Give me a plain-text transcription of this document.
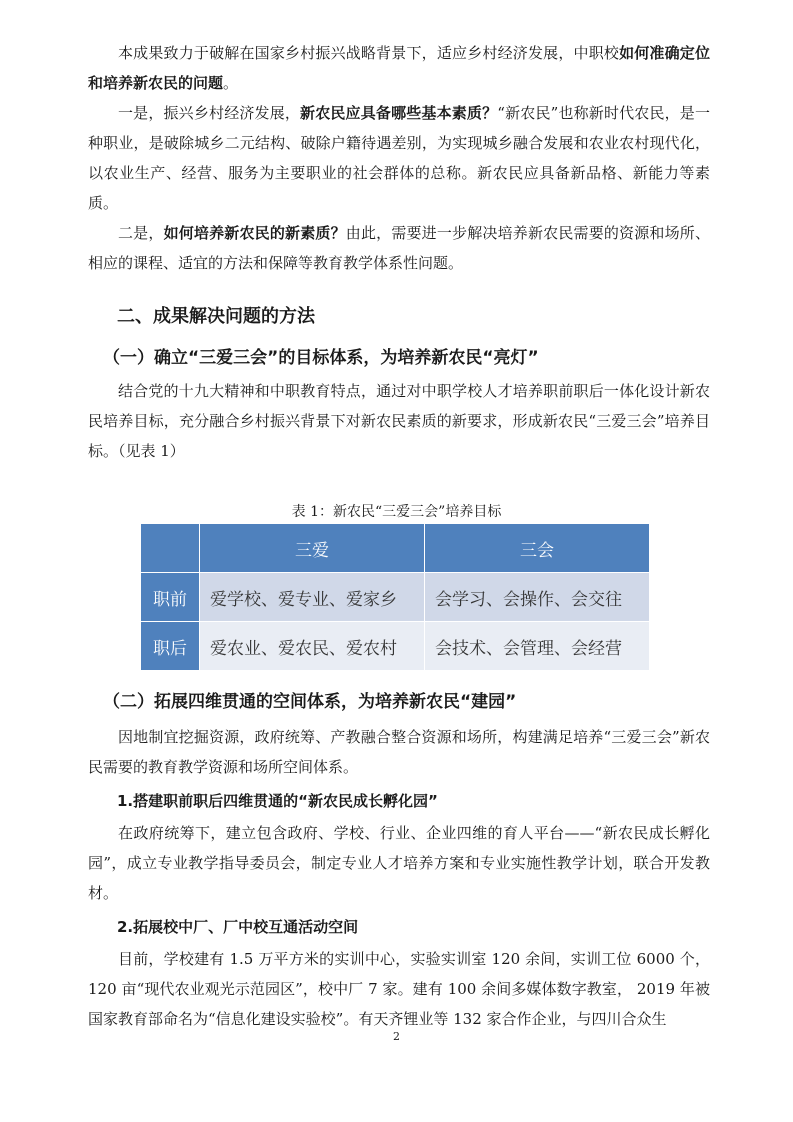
本成果致力于破解在国家乡村振兴战略背景下，适应乡村经济发展，中职校如何准确定位和培养新农民的问题。

一是，振兴乡村经济发展，新农民应具备哪些基本素质？“新农民”也称新时代农民，是一种职业，是破除城乡二元结构、破除户籍待遇差别，为实现城乡融合发展和农业农村现代化，以农业生产、经营、服务为主要职业的社会群体的总称。新农民应具备新品格、新能力等素质。

二是，如何培养新农民的新素质？由此，需要进一步解决培养新农民需要的资源和场所、相应的课程、适宜的方法和保障等教育教学体系性问题。

二、成果解决问题的方法
（一）确立“三爱三会”的目标体系，为培养新农民“亮灯”

结合党的十九大精神和中职教育特点，通过对中职学校人才培养职前职后一体化设计新农民培养目标，充分融合乡村振兴背景下对新农民素质的新要求，形成新农民“三爱三会”培养目标。（见表 1）

表 1：新农民“三爱三会”培养目标

	三爱	三会
职前	爱学校、爱专业、爱家乡	会学习、会操作、会交往
职后	爱农业、爱农民、爱农村	会技术、会管理、会经营
（二）拓展四维贯通的空间体系，为培养新农民“建园”

因地制宜挖掘资源，政府统筹、产教融合整合资源和场所，构建满足培养“三爱三会”新农民需要的教育教学资源和场所空间体系。

1.搭建职前职后四维贯通的“新农民成长孵化园”

在政府统筹下，建立包含政府、学校、行业、企业四维的育人平台——“新农民成长孵化园”，成立专业教学指导委员会，制定专业人才培养方案和专业实施性教学计划，联合开发教材。

2.拓展校中厂、厂中校互通活动空间

目前，学校建有 1.5 万平方米的实训中心，实验实训室 120 余间，实训工位 6000 个，120 亩“现代农业观光示范园区”，校中厂 7 家。建有 100 余间多媒体数字教室， 2019 年被国家教育部命名为“信息化建设实验校”。有天齐锂业等 132 家合作企业，与四川合众生

2
